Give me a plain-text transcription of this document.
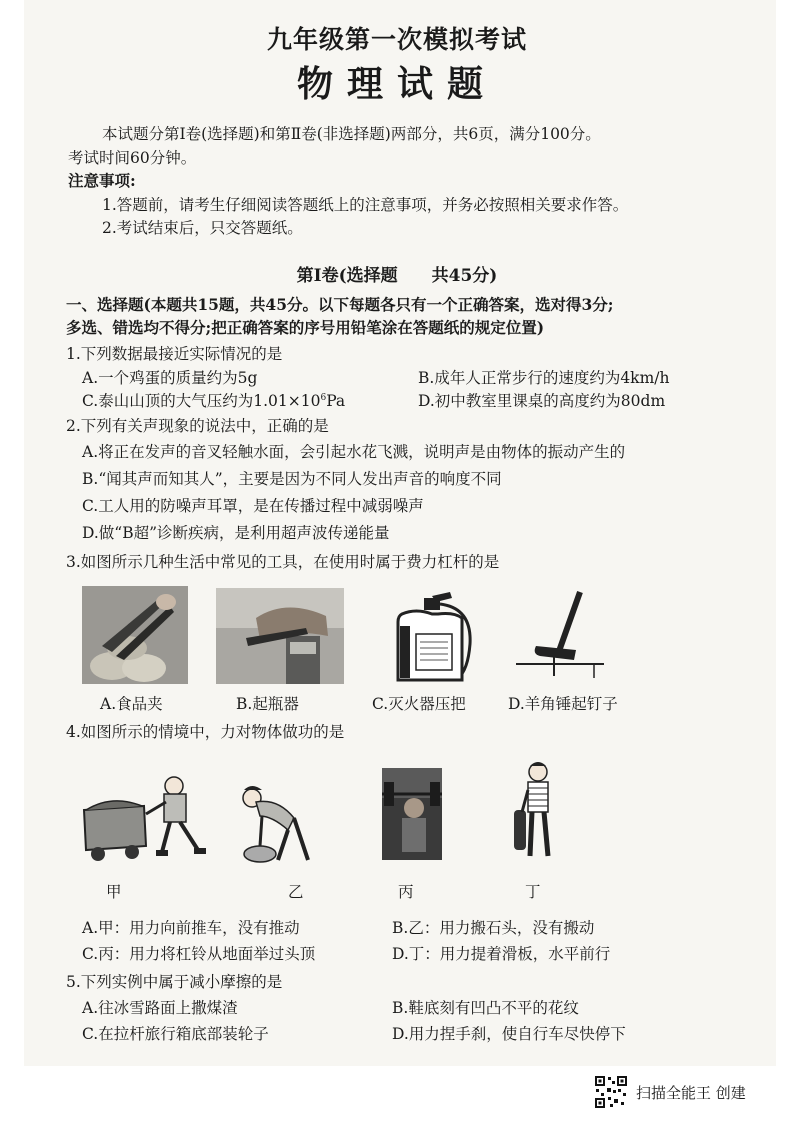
九年级第一次模拟考试
物理试题
本试题分第Ⅰ卷(选择题)和第Ⅱ卷(非选择题)两部分，共6页，满分100分。
考试时间60分钟。
注意事项:
1.答题前，请考生仔细阅读答题纸上的注意事项，并务必按照相关要求作答。
2.考试结束后，只交答题纸。
第Ⅰ卷(选择题　　共45分)
一、选择题(本题共15题，共45分。以下每题各只有一个正确答案，选对得3分;
多选、错选均不得分;把正确答案的序号用铅笔涂在答题纸的规定位置)
1.下列数据最接近实际情况的是
A.一个鸡蛋的质量约为5g	B.成年人正常步行的速度约为4km/h
C.泰山山顶的大气压约为$1.01\times 10^6Pa$	D.初中教室里课桌的高度约为80dm
2.下列有关声现象的说法中，正确的是
A.将正在发声的音叉轻触水面，会引起水花飞溅，说明声是由物体的振动产生的
B.“闻其声而知其人”，主要是因为不同人发出声音的响度不同
C.工人用的防噪声耳罩，是在传播过程中减弱噪声
D.做“B超”诊断疾病，是利用超声波传递能量
3.如图所示几种生活中常见的工具，在使用时属于费力杠杆的是
A.食品夹	B.起瓶器	C.灭火器压把	D.羊角锤起钉子
4.如图所示的情境中，力对物体做功的是
甲	乙	丙	丁
A.甲：用力向前推车，没有推动	B.乙：用力搬石头，没有搬动
C.丙：用力将杠铃从地面举过头顶	D.丁：用力提着滑板，水平前行
5.下列实例中属于减小摩擦的是
A.往冰雪路面上撒煤渣	B.鞋底刻有凹凸不平的花纹
C.在拉杆旅行箱底部装轮子	D.用力捏手刹，使自行车尽快停下
扫描全能王 创建
